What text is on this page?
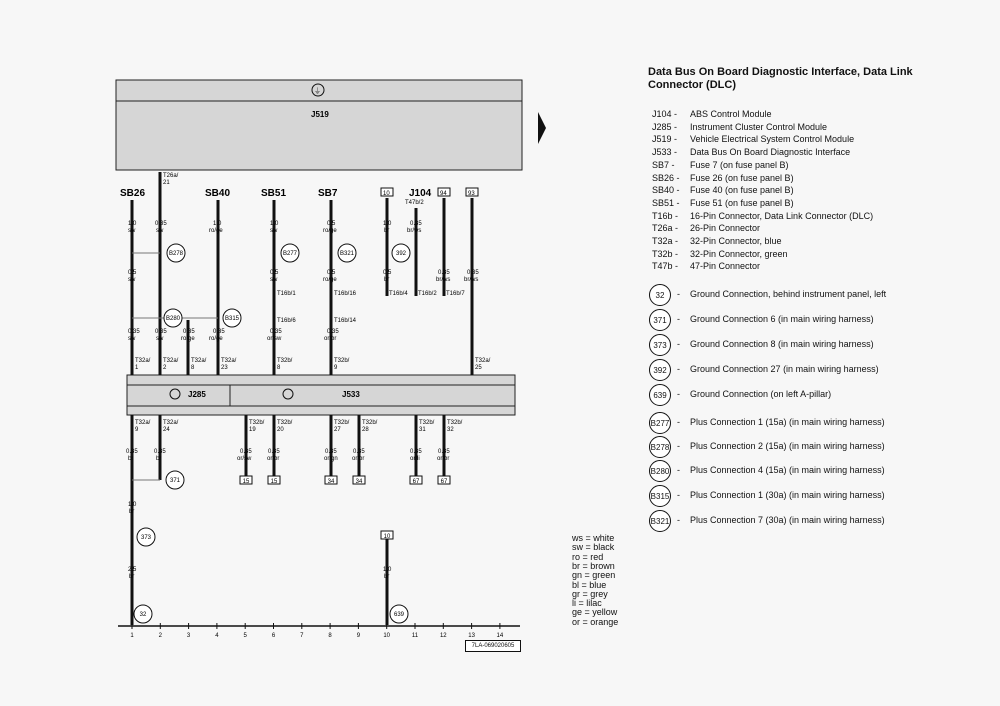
⏚
J519
J285	J533
SB26	SB40	SB51	SB7	J104
10	94	93
T26a/
21
T47b/2
B278	B277	B321	392
B280	B315
371
373
32	639
1.0
sw
0.35
sw
1.0
ro/ge
1.0
sw
0.5
ro/ge
1.0
br
0.35
br/ws
0.5
sw
0.5
sw
0.5
ro/ge
0.5
br
0.35
br/ws
0.35
br/ws
T16b/1	T16b/16	T16b/4 T16b/2 T16b/7
T16b/6	T16b/14
0.35
sw
0.35
sw
0.35
ro/ge
0.35
ro/ge
0.35
or/sw
0.35
or/br
T32a/
1
T32a/
2
T32a/
8
T32a/
23
T32b/
8
T32b/
9
T32a/
25
T32a/
9
T32a/
24
T32b/
19
T32b/
20
T32b/
27
T32b/
28
T32b/
31
T32b/
32
0.35
br
0.35
br
0.35
or/sw
0.35
or/br
0.35
or/gn
0.35
or/br
0.35
or/li
0.35
or/br
1.0
br
2.5
br
1.0
br
15	15	34	34	67	67
10
1	2	3	4	5	6	7	8	9	10	11	12	13	14
Data Bus On Board Diagnostic Interface, Data Link Connector (DLC)
J104 - ABS Control Module
J285 - Instrument Cluster Control Module
J519 - Vehicle Electrical System Control Module
J533 - Data Bus On Board Diagnostic Interface
SB7 - Fuse 7 (on fuse panel B)
SB26 - Fuse 26 (on fuse panel B)
SB40 - Fuse 40 (on fuse panel B)
SB51 - Fuse 51 (on fuse panel B)
T16b - 16-Pin Connector, Data Link Connector (DLC)
T26a - 26-Pin Connector
T32a - 32-Pin Connector, blue
T32b - 32-Pin Connector, green
T47b - 47-Pin Connector
32	- Ground Connection, behind instrument panel, left
371	- Ground Connection 6 (in main wiring harness)
373	- Ground Connection 8 (in main wiring harness)
392	- Ground Connection 27 (in main wiring harness)
639	- Ground Connection (on left A-pillar)
B277 - Plus Connection 1 (15a) (in main wiring harness)
B278 - Plus Connection 2 (15a) (in main wiring harness)
B280 - Plus Connection 4 (15a) (in main wiring harness)
B315 - Plus Connection 1 (30a) (in main wiring harness)
B321 - Plus Connection 7 (30a) (in main wiring harness)
ws = white
sw = black
ro = red
br = brown
gn = green
bl = blue
gr = grey
li = lilac
ge = yellow
or = orange
7LA-069020605
